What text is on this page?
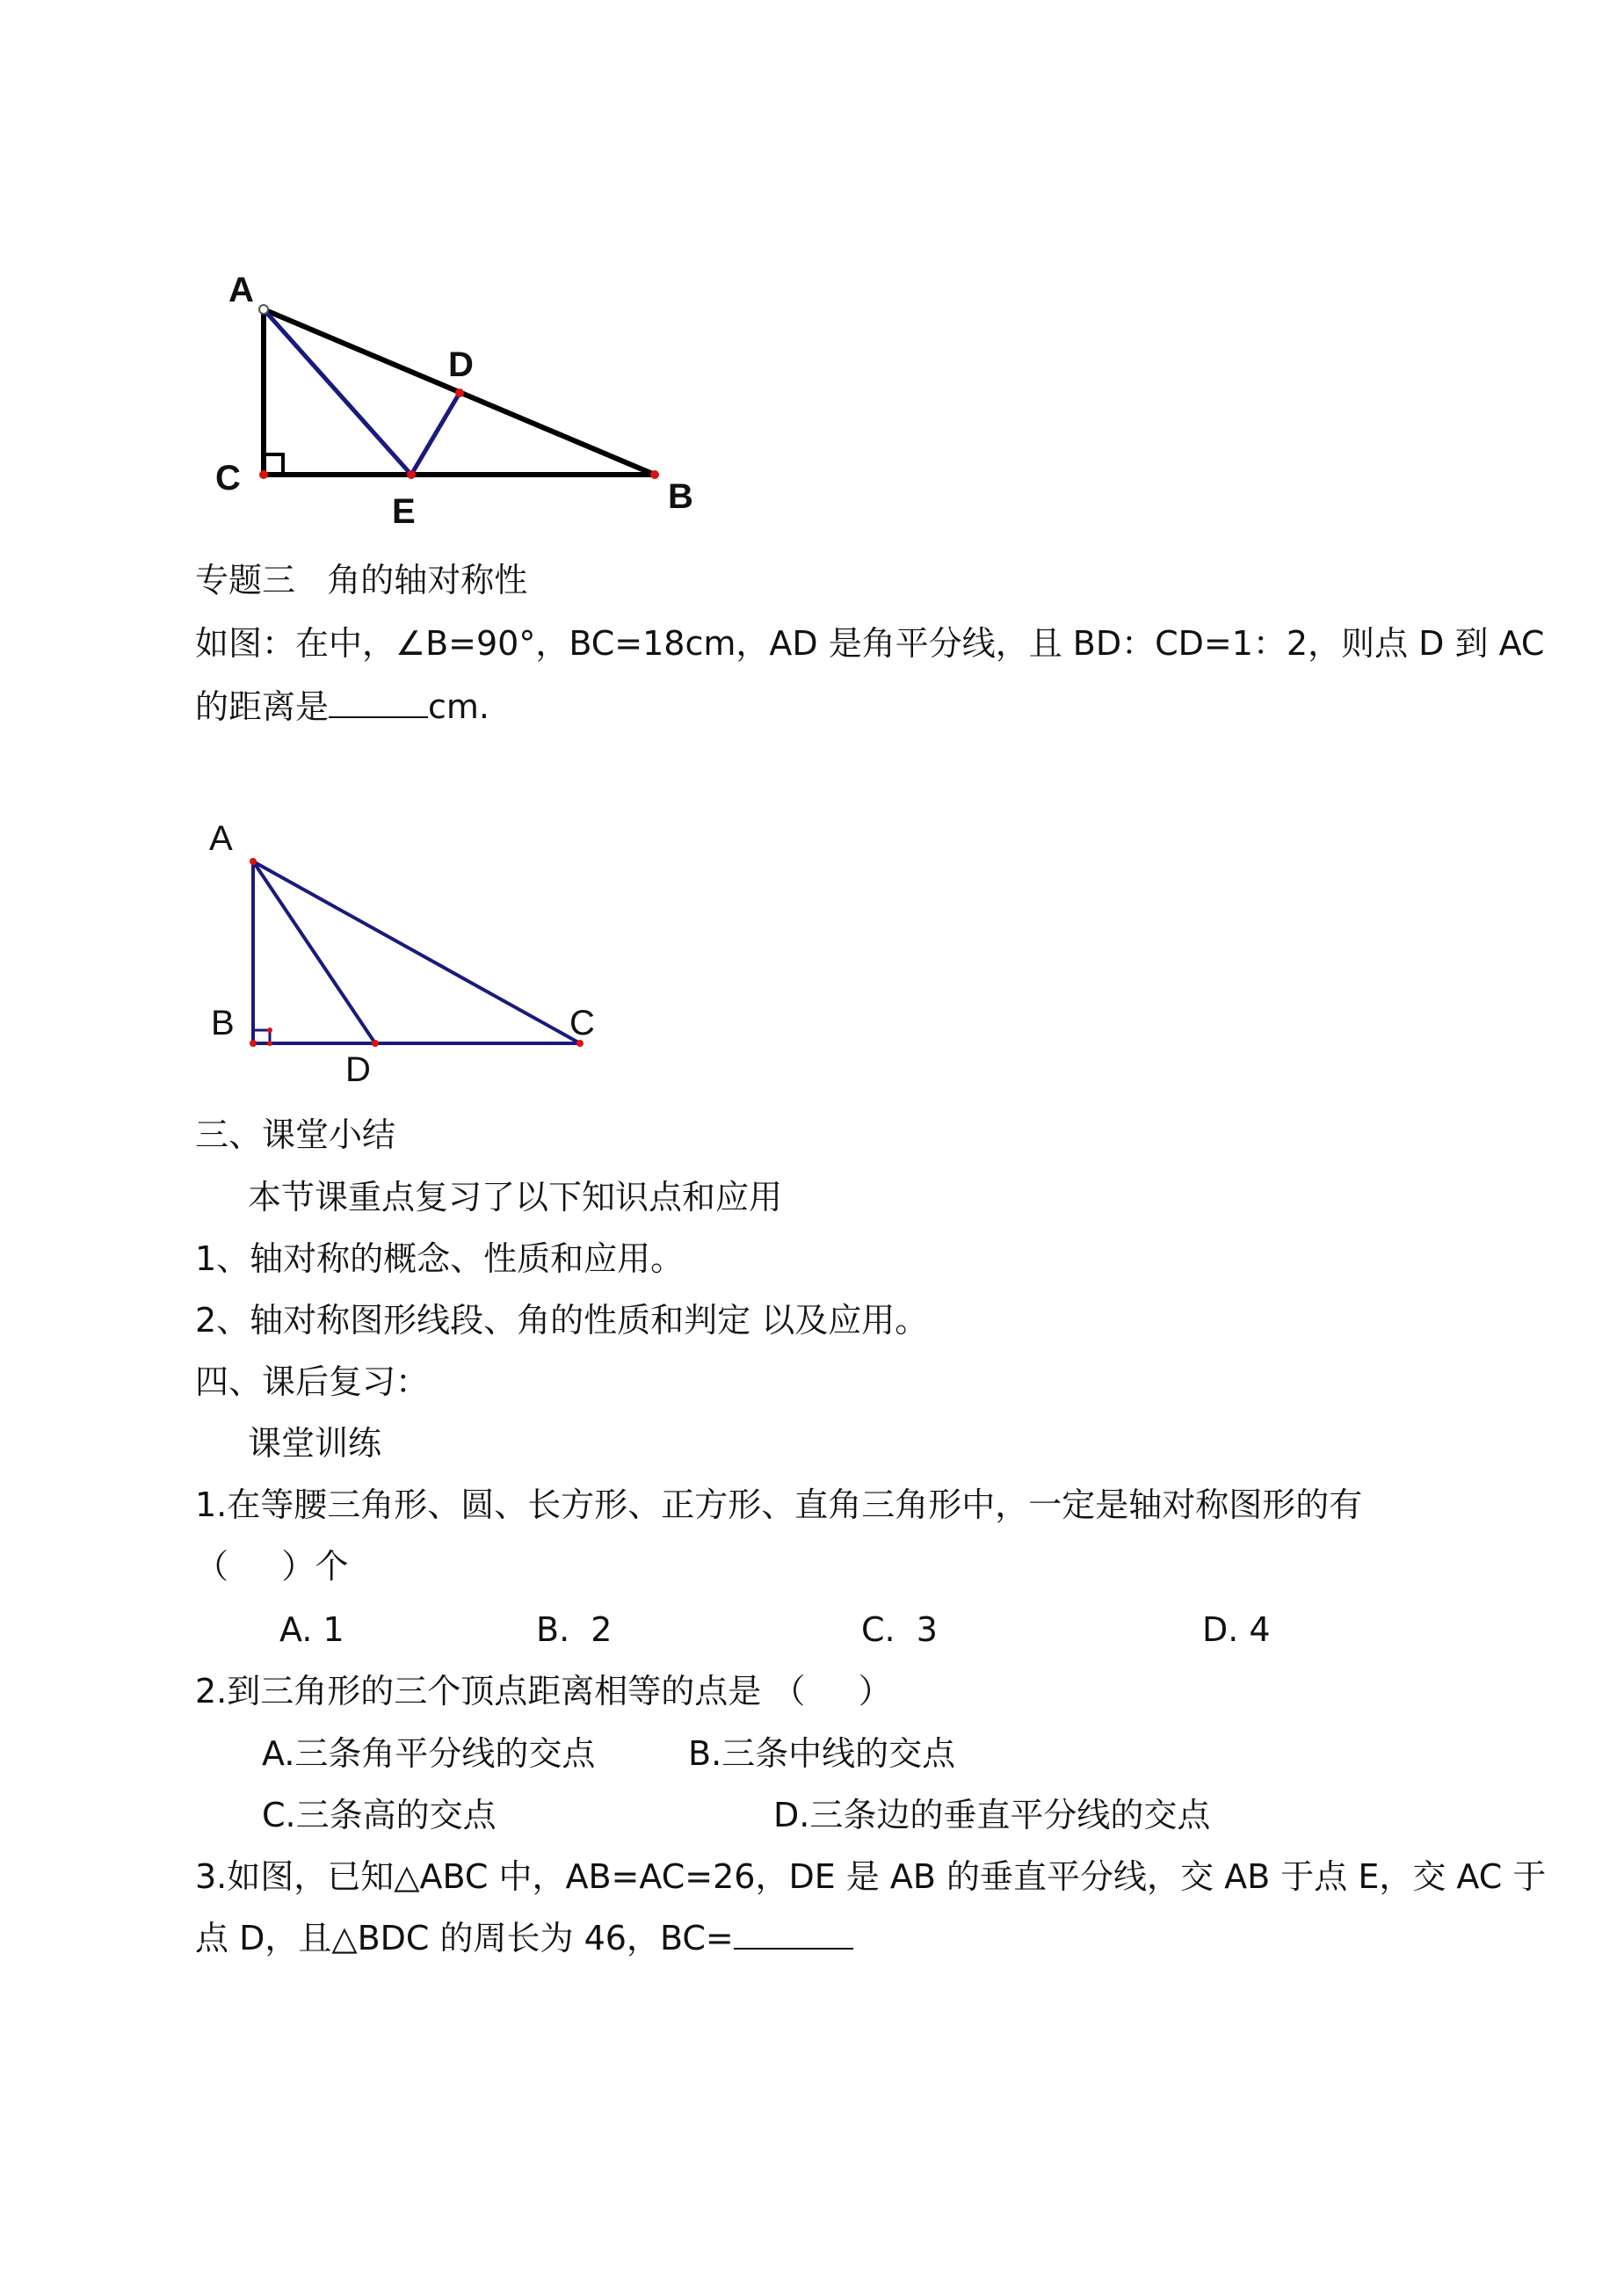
A
D
C
E	B
专题三   角的轴对称性
如图：在中，∠B=90°，BC=18cm，AD 是角平分线，且 BD：CD=1：2，则点 D 到 AC
的距离是	cm.
A
B
D
C
三、课堂小结
本节课重点复习了以下知识点和应用
1、轴对称的概念、性质和应用。
2、轴对称图形线段、角的性质和判定 以及应用。
四、课后复习：
课堂训练
1.在等腰三角形、圆、长方形、正方形、直角三角形中，一定是轴对称图形的有
（     ）个
A. 1	B.  2	C.  3	D. 4
2.到三角形的三个顶点距离相等的点是 （     ）
A.三条角平分线的交点	B.三条中线的交点
C.三条高的交点	D.三条边的垂直平分线的交点
3.如图，已知△ABC 中，AB=AC=26，DE 是 AB 的垂直平分线，交 AB 于点 E，交 AC 于
点 D，且△BDC 的周长为 46，BC=
